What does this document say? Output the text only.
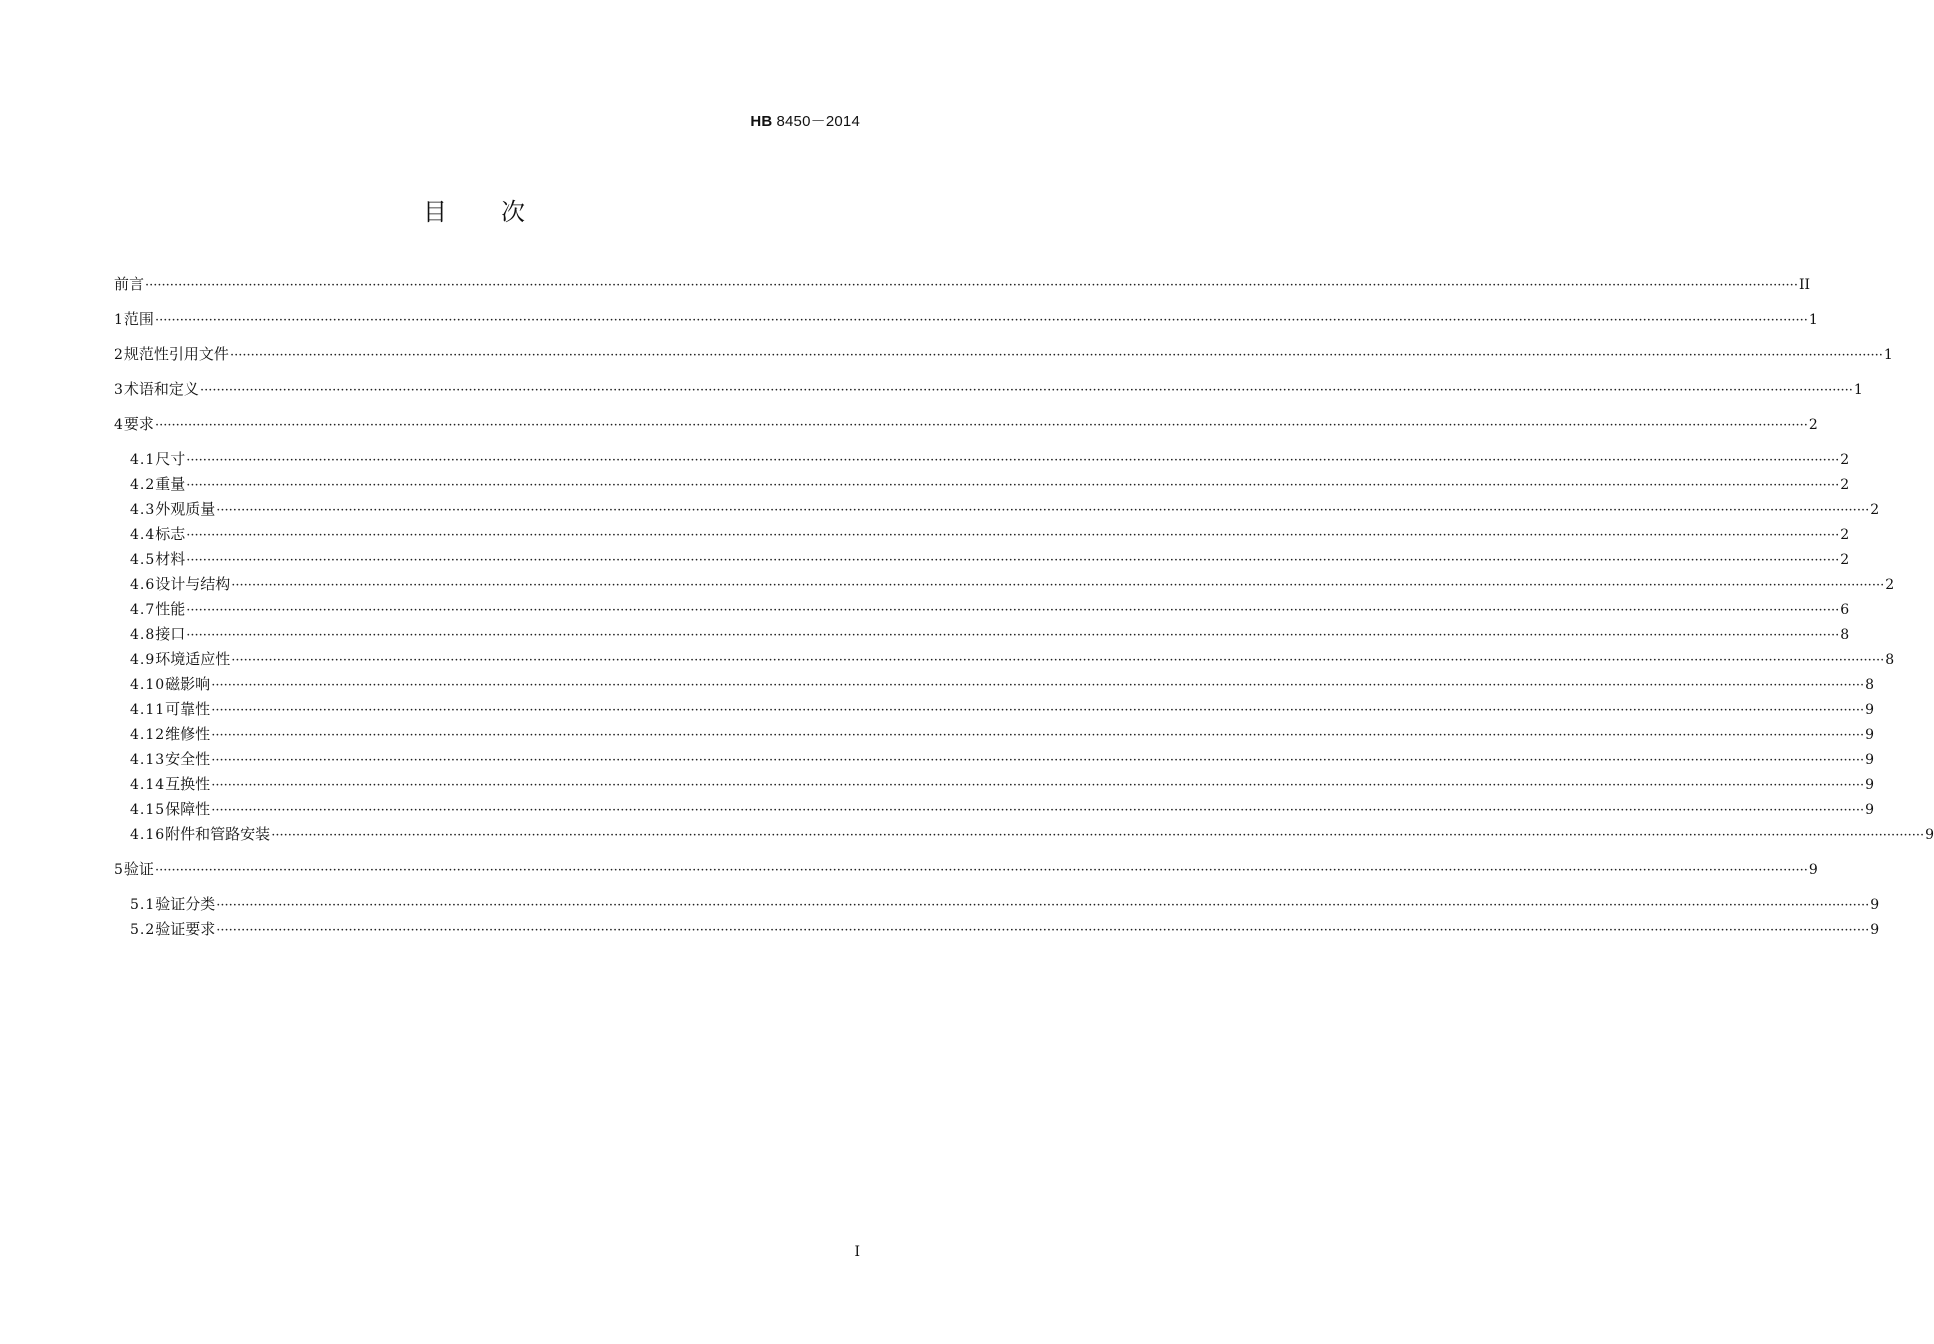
HB 8450－2014
目 次
前言 ················································································································································································································································································································································································································ II
1 范围 ················································································································································································································································································································································································································ 1
2 规范性引用文件 ················································································································································································································································································································································································································ 1
3 术语和定义 ················································································································································································································································································································································································································ 1
4 要求 ················································································································································································································································································································································································································ 2
4.1 尺寸 ················································································································································································································································································································································································································ 2
4.2 重量 ················································································································································································································································································································································································································ 2
4.3 外观质量 ················································································································································································································································································································································································································ 2
4.4 标志 ················································································································································································································································································································································································································ 2
4.5 材料 ················································································································································································································································································································································································································ 2
4.6 设计与结构 ················································································································································································································································································································································································································ 2
4.7 性能 ················································································································································································································································································································································································································ 6
4.8 接口 ················································································································································································································································································································································································································ 8
4.9 环境适应性 ················································································································································································································································································································································································································ 8
4.10 磁影响 ················································································································································································································································································································································································································ 8
4.11 可靠性 ················································································································································································································································································································································································································ 9
4.12 维修性 ················································································································································································································································································································································································································ 9
4.13 安全性 ················································································································································································································································································································································································································ 9
4.14 互换性 ················································································································································································································································································································································································································ 9
4.15 保障性 ················································································································································································································································································································································································································ 9
4.16 附件和管路安装 ················································································································································································································································································································································································································ 9
5 验证 ················································································································································································································································································································································································································ 9
5.1 验证分类 ················································································································································································································································································································································································································ 9
5.2 验证要求 ················································································································································································································································································································································································································ 9
I
